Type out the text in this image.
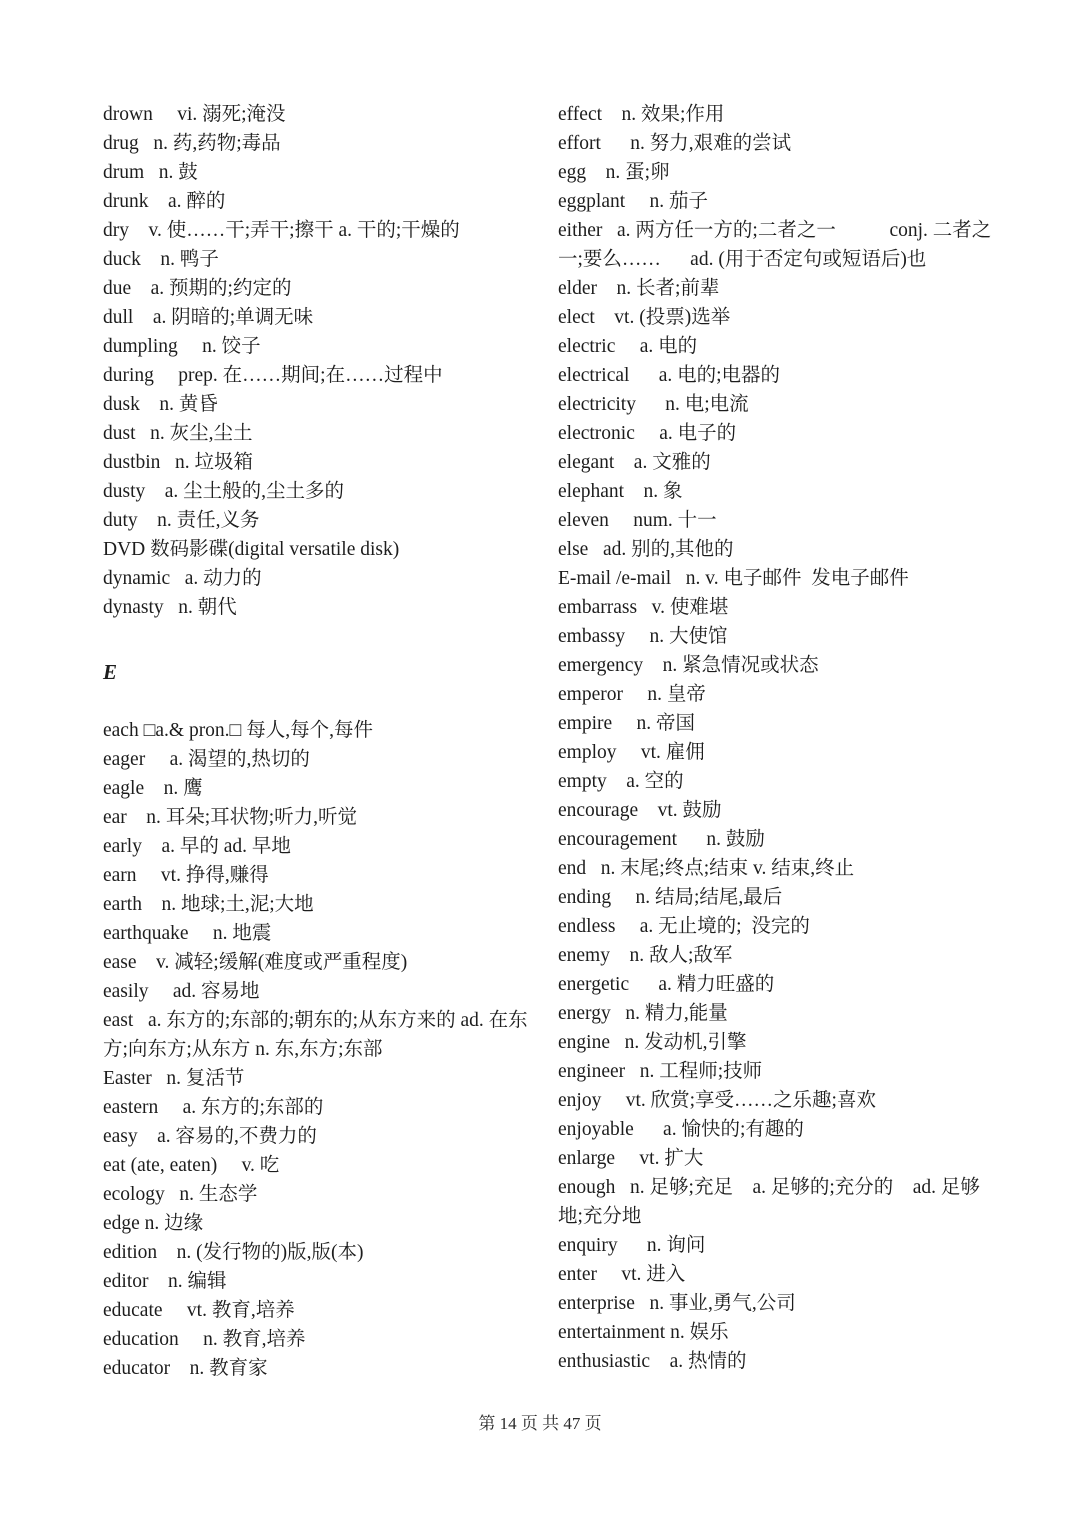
drown     vi. 溺死;淹没
drug   n. 药,药物;毒品
drum   n. 鼓
drunk    a. 醉的
dry    v. 使……干;弄干;擦干 a. 干的;干燥的
duck    n. 鸭子
due    a. 预期的;约定的
dull    a. 阴暗的;单调无味
dumpling     n. 饺子
during     prep. 在……期间;在……过程中
dusk    n. 黄昏
dust   n. 灰尘,尘土
dustbin   n. 垃圾箱
dusty    a. 尘土般的,尘土多的
duty    n. 责任,义务
DVD 数码影碟(digital versatile disk)
dynamic   a. 动力的
dynasty   n. 朝代
E
each □a.& pron.□ 每人,每个,每件
eager     a. 渴望的,热切的
eagle    n. 鹰
ear    n. 耳朵;耳状物;听力,听觉
early    a. 早的 ad. 早地
earn     vt. 挣得,赚得
earth    n. 地球;土,泥;大地
earthquake     n. 地震
ease    v. 减轻;缓解(难度或严重程度)
easily     ad. 容易地
east   a. 东方的;东部的;朝东的;从东方来的 ad. 在东方;向东方;从东方 n. 东,东方;东部
Easter   n. 复活节
eastern     a. 东方的;东部的
easy    a. 容易的,不费力的
eat (ate, eaten)     v. 吃
ecology   n. 生态学
edge n. 边缘
edition    n. (发行物的)版,版(本)
editor    n. 编辑
educate     vt. 教育,培养
education     n. 教育,培养
educator    n. 教育家
effect    n. 效果;作用
effort      n. 努力,艰难的尝试
egg    n. 蛋;卵
eggplant     n. 茄子
either   a. 两方任一方的;二者之一           conj. 二者之一;要么……      ad. (用于否定句或短语后)也
elder    n. 长者;前辈
elect    vt. (投票)选举
electric     a. 电的
electrical      a. 电的;电器的
electricity      n. 电;电流
electronic     a. 电子的
elegant    a. 文雅的
elephant    n. 象
eleven     num. 十一
else   ad. 别的,其他的
E-mail /e-mail   n. v. 电子邮件  发电子邮件
embarrass   v. 使难堪
embassy     n. 大使馆
emergency    n. 紧急情况或状态
emperor     n. 皇帝
empire     n. 帝国
employ     vt. 雇佣
empty    a. 空的
encourage    vt. 鼓励
encouragement      n. 鼓励
end   n. 末尾;终点;结束 v. 结束,终止
ending     n. 结局;结尾,最后
endless     a. 无止境的;  没完的
enemy    n. 敌人;敌军
energetic      a. 精力旺盛的
energy   n. 精力,能量
engine   n. 发动机,引擎
engineer   n. 工程师;技师
enjoy     vt. 欣赏;享受……之乐趣;喜欢
enjoyable      a. 愉快的;有趣的
enlarge     vt. 扩大
enough   n. 足够;充足    a. 足够的;充分的    ad. 足够地;充分地
enquiry      n. 询问
enter     vt. 进入
enterprise   n. 事业,勇气,公司
entertainment n. 娱乐
enthusiastic    a. 热情的
第 14 页 共 47 页
